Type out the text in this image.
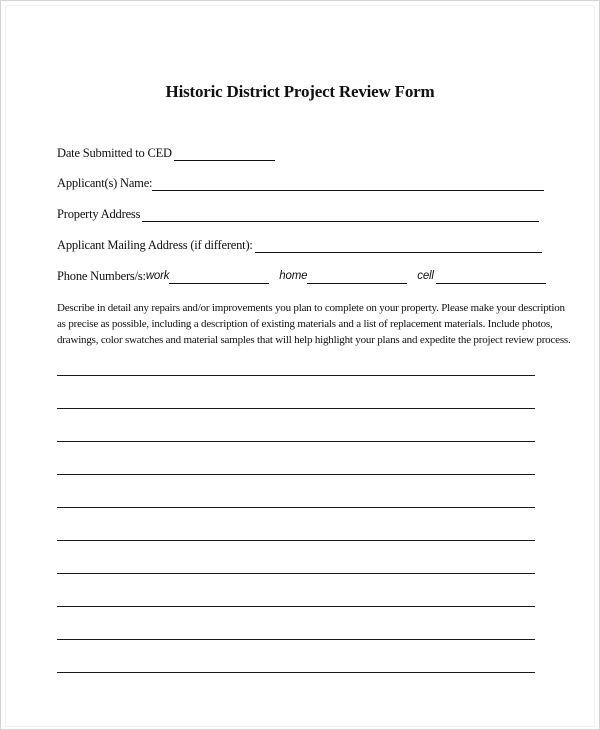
Historic District Project Review Form
Date Submitted to CED
Applicant(s) Name:
Property Address
Applicant Mailing Address (if different):
Phone Numbers/s: work	home	cell

Describe in detail any repairs and/or improvements you plan to complete on your property. Please make your description

as precise as possible, including a description of existing materials and a list of replacement materials. Include photos,

drawings, color swatches and material samples that will help highlight your plans and expedite the project review process.
